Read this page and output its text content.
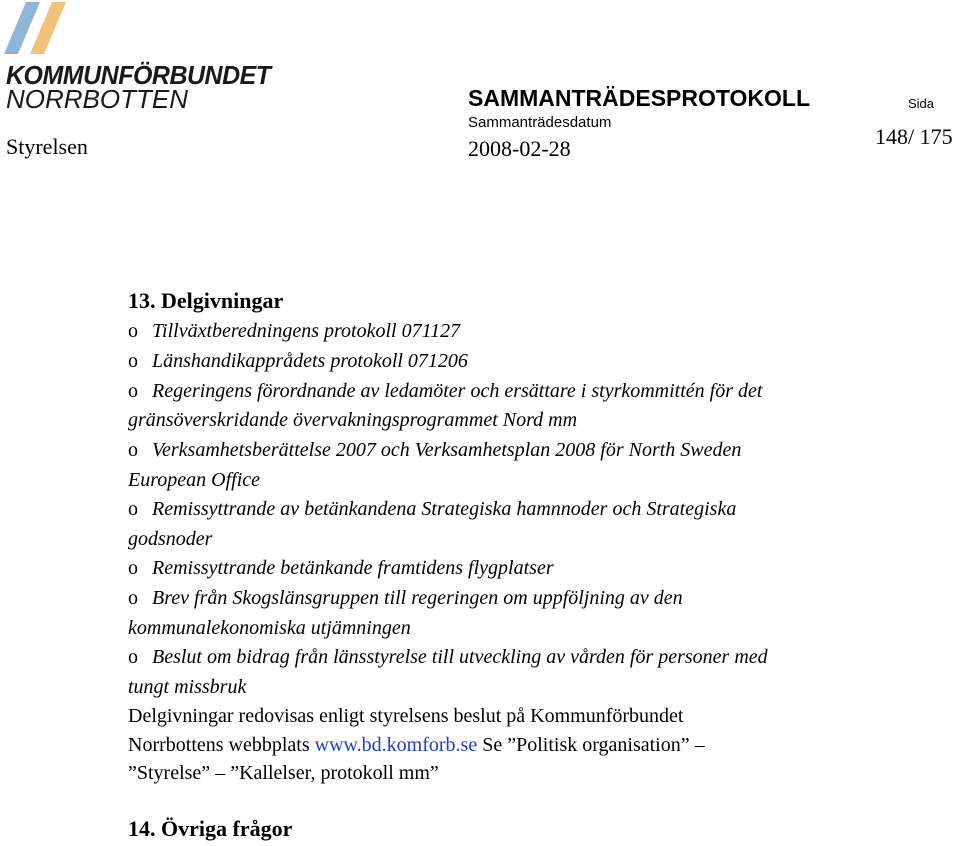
KOMMUNFÖRBUNDET
NORRBOTTEN	SAMMANTRÄDESPROTOKOLL	Sida
Sammanträdesdatum
Styrelsen	2008-02-28	148/ 175
13. Delgivningar
o Tillväxtberedningens protokoll 071127
o Länshandikapprådets protokoll 071206
o Regeringens förordnande av ledamöter och ersättare i styrkommittén för det
gränsöverskridande övervakningsprogrammet Nord mm
o Verksamhetsberättelse 2007 och Verksamhetsplan 2008 för North Sweden
European Office
o Remissyttrande av betänkandena Strategiska hamnnoder och Strategiska
godsnoder
o Remissyttrande betänkande framtidens flygplatser
o Brev från Skogslänsgruppen till regeringen om uppföljning av den
kommunalekonomiska utjämningen
o Beslut om bidrag från länsstyrelse till utveckling av vården för personer med
tungt missbruk
Delgivningar redovisas enligt styrelsens beslut på Kommunförbundet
Norrbottens webbplats www.bd.komforb.se Se ”Politisk organisation” –
”Styrelse” – ”Kallelser, protokoll mm”
14. Övriga frågor
